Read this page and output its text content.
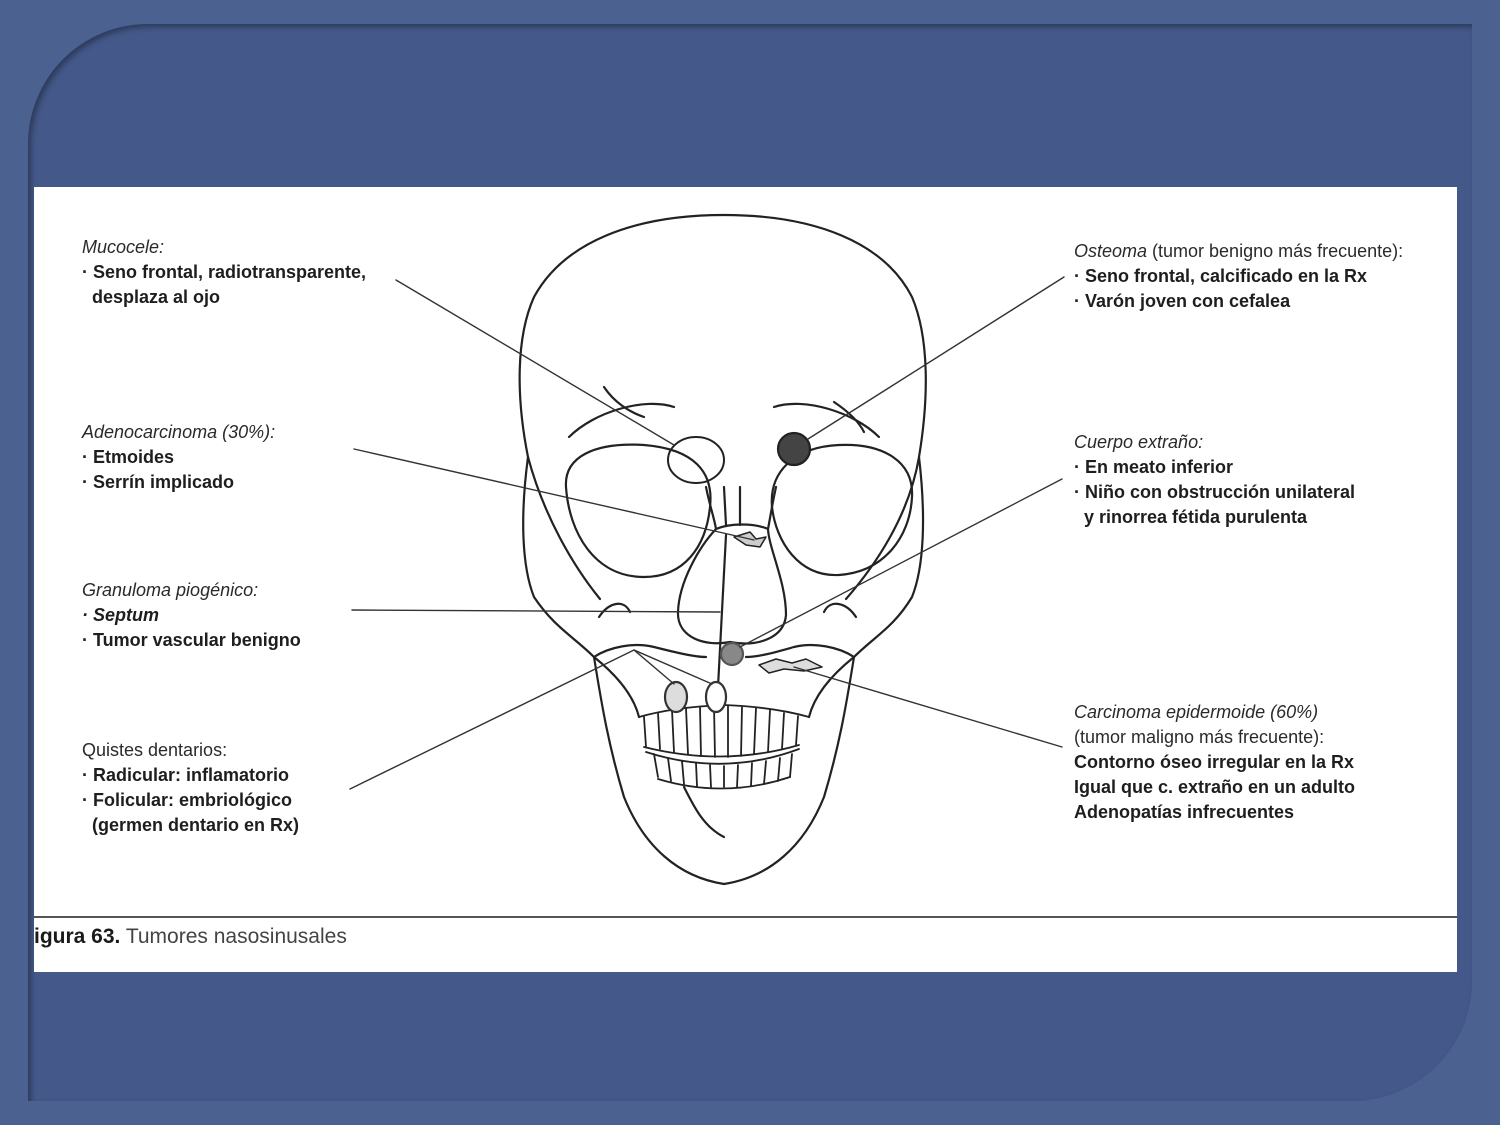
Mucocele:
· Seno frontal, radiotransparente,
desplaza al ojo
Adenocarcinoma (30%):
· Etmoides
· Serrín implicado
Granuloma piogénico:
· Septum
· Tumor vascular benigno
Quistes dentarios:
· Radicular: inflamatorio
· Folicular: embriológico
(germen dentario en Rx)
Osteoma (tumor benigno más frecuente):
· Seno frontal, calcificado en la Rx
· Varón joven con cefalea
Cuerpo extraño:
· En meato inferior
· Niño con obstrucción unilateral
y rinorrea fétida purulenta
Carcinoma epidermoide (60%)
(tumor maligno más frecuente):
Contorno óseo irregular en la Rx
Igual que c. extraño en un adulto
Adenopatías infrecuentes
igura 63. Tumores nasosinusales
